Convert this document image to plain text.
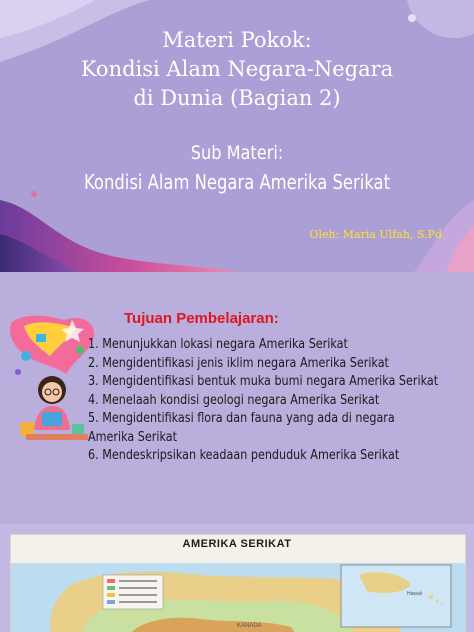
Materi Pokok:
Kondisi Alam Negara-Negara
di Dunia (Bagian 2)
Sub Materi:
Kondisi Alam Negara Amerika Serikat
Oleh: Maria Ulfah, S.Pd
Tujuan Pembelajaran:
1. Menunjukkan lokasi negara Amerika Serikat
2. Mengidentifikasi jenis iklim negara Amerika Serikat
3. Mengidentifikasi bentuk muka bumi negara Amerika Serikat
4. Menelaah kondisi geologi negara Amerika Serikat
5. Mengidentifikasi flora dan fauna yang ada di negara
Amerika Serikat
6. Mendeskripsikan keadaan penduduk Amerika Serikat
KANADA
Hawaii
AMERIKA SERIKAT
